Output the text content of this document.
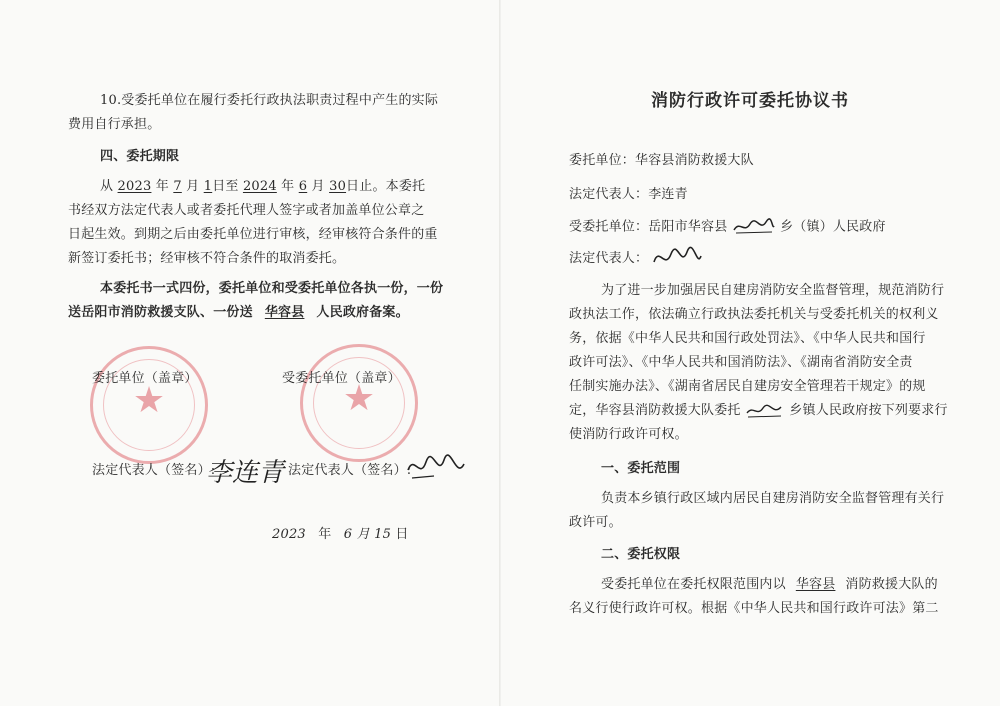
10.受委托单位在履行委托行政执法职责过程中产生的实际
费用自行承担。
四、委托期限
从 2023 年 7 月 1日至 2024 年 6 月 30日止。本委托
书经双方法定代表人或者委托代理人签字或者加盖单位公章之
日起生效。到期之后由委托单位进行审核，经审核符合条件的重
新签订委托书；经审核不符合条件的取消委托。
本委托书一式四份，委托单位和受委托单位各执一份，一份
送岳阳市消防救援支队、一份送 华容县 人民政府备案。
★	★
委托单位（盖章）	受委托单位（盖章）
法定代表人（签名）:
李连青 法定代表人（签名）:
2023 年 6 月 15 日
消防行政许可委托协议书
委托单位：华容县消防救援大队
法定代表人：李连青
受委托单位：岳阳市华容县	乡（镇）人民政府
法定代表人：
为了进一步加强居民自建房消防安全监督管理，规范消防行
政执法工作，依法确立行政执法委托机关与受委托机关的权利义
务，依据《中华人民共和国行政处罚法》、《中华人民共和国行
政许可法》、《中华人民共和国消防法》、《湖南省消防安全责
任制实施办法》、《湖南省居民自建房安全管理若干规定》的规
定，华容县消防救援大队委托	乡镇人民政府按下列要求行
使消防行政许可权。
一、委托范围
负责本乡镇行政区域内居民自建房消防安全监督管理有关行
政许可。
二、委托权限
受委托单位在委托权限范围内以 华容县 消防救援大队的
名义行使行政许可权。根据《中华人民共和国行政许可法》第二
